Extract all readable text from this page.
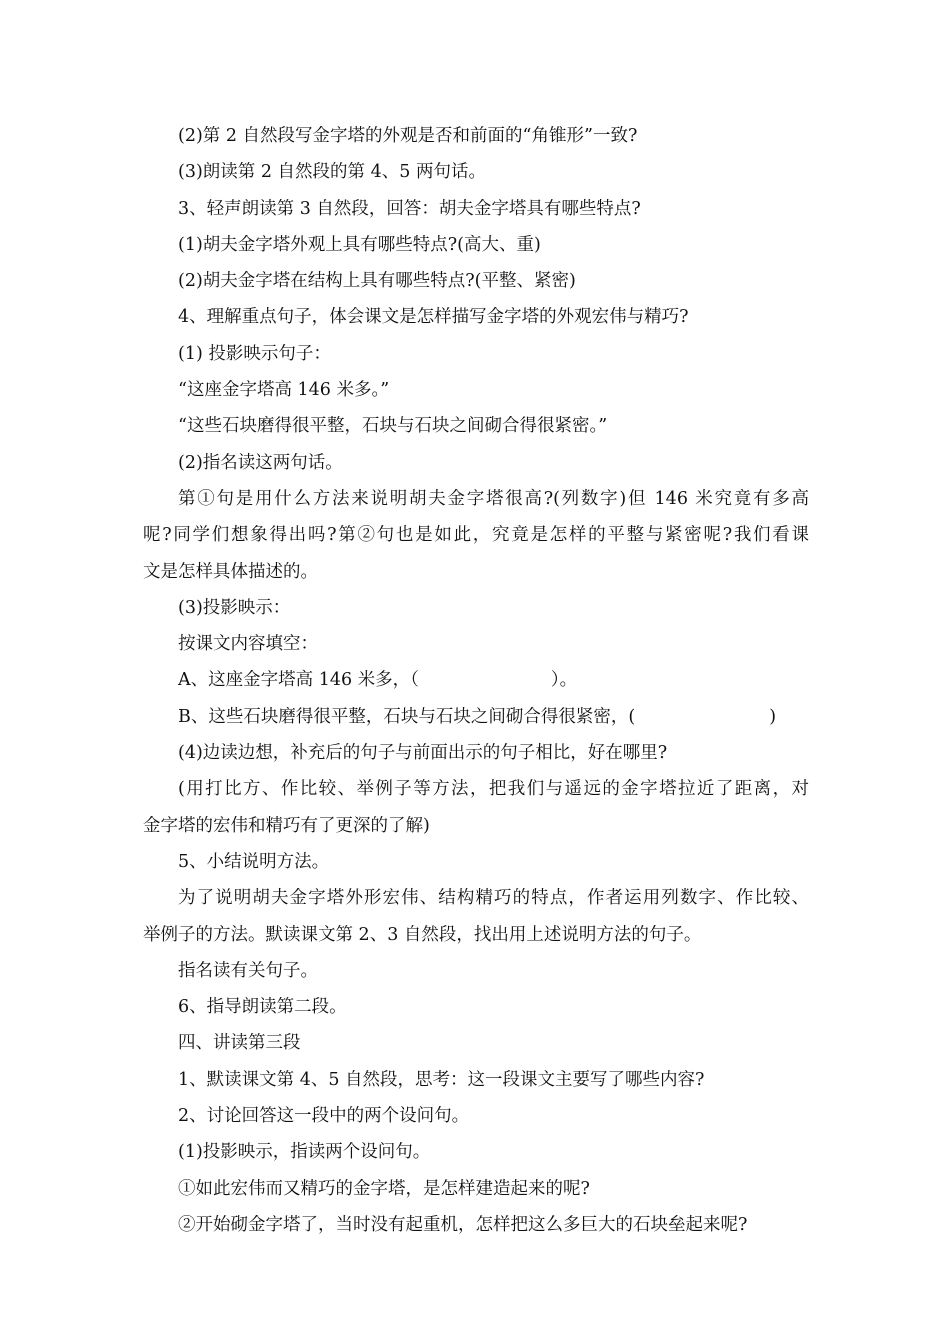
(2)第 2 自然段写金字塔的外观是否和前面的“角锥形”一致?
(3)朗读第 2 自然段的第 4、5 两句话。
3、轻声朗读第 3 自然段，回答：胡夫金字塔具有哪些特点?
(1)胡夫金字塔外观上具有哪些特点?(高大、重)
(2)胡夫金字塔在结构上具有哪些特点?(平整、紧密)
4、理解重点句子，体会课文是怎样描写金字塔的外观宏伟与精巧?
(1) 投影映示句子：
“这座金字塔高 146 米多。”
“这些石块磨得很平整，石块与石块之间砌合得很紧密。”
(2)指名读这两句话。
第①句是用什么方法来说明胡夫金字塔很高?(列数字)但 146 米究竟有多高
呢?同学们想象得出吗?第②句也是如此，究竟是怎样的平整与紧密呢?我们看课
文是怎样具体描述的。
(3)投影映示：
按课文内容填空：
A、这座金字塔高 146 米多，（	）。
B、这些石块磨得很平整，石块与石块之间砌合得很紧密，(	)
(4)边读边想，补充后的句子与前面出示的句子相比，好在哪里?
(用打比方、作比较、举例子等方法，把我们与遥远的金字塔拉近了距离，对
金字塔的宏伟和精巧有了更深的了解)
5、小结说明方法。
为了说明胡夫金字塔外形宏伟、结构精巧的特点，作者运用列数字、作比较、
举例子的方法。默读课文第 2、3 自然段，找出用上述说明方法的句子。
指名读有关句子。
6、指导朗读第二段。
四、讲读第三段
1、默读课文第 4、5 自然段，思考：这一段课文主要写了哪些内容?
2、讨论回答这一段中的两个设问句。
(1)投影映示，指读两个设问句。
①如此宏伟而又精巧的金字塔，是怎样建造起来的呢?
②开始砌金字塔了，当时没有起重机，怎样把这么多巨大的石块垒起来呢?
